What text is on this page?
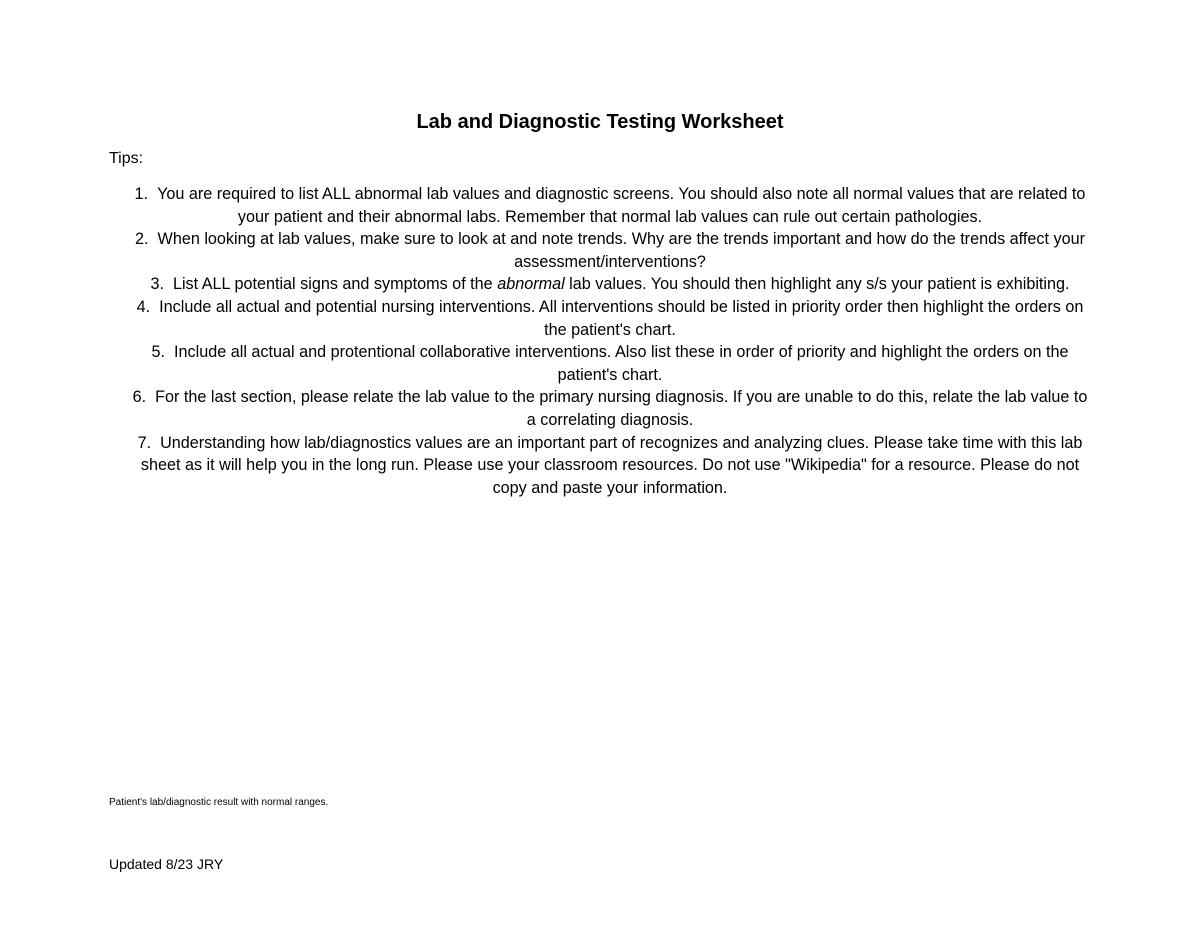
Lab and Diagnostic Testing Worksheet

Tips:

1. You are required to list ALL abnormal lab values and diagnostic screens. You should also note all normal values that are related to your patient and their abnormal labs. Remember that normal lab values can rule out certain pathologies.
2. When looking at lab values, make sure to look at and note trends. Why are the trends important and how do the trends affect your assessment/interventions?
3. List ALL potential signs and symptoms of the abnormal lab values. You should then highlight any s/s your patient is exhibiting.
4. Include all actual and potential nursing interventions. All interventions should be listed in priority order then highlight the orders on the patient's chart.
5. Include all actual and protentional collaborative interventions. Also list these in order of priority and highlight the orders on the patient's chart.
6. For the last section, please relate the lab value to the primary nursing diagnosis. If you are unable to do this, relate the lab value to a correlating diagnosis.
7. Understanding how lab/diagnostics values are an important part of recognizes and analyzing clues. Please take time with this lab sheet as it will help you in the long run. Please use your classroom resources. Do not use "Wikipedia" for a resource. Please do not copy and paste your information.

Patient's lab/diagnostic result with normal ranges.

Updated 8/23 JRY
